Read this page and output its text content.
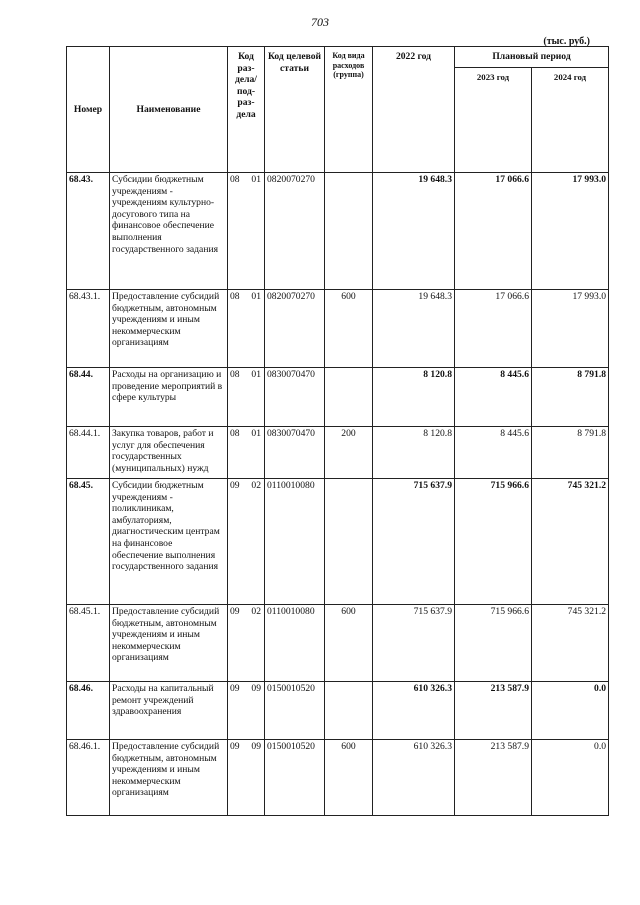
703
(тыс. руб.)
Номер	Наименование	Код раз- дела/ под- раз- дела	Код целевой статьи	Код вида расходов (группа)	2022 год	Плановый период	
						2023 год	2024 год
68.43.	Субсидии бюджетным учреждениям - учреждениям культурно-досугового типа на финансовое обеспечение выполнения государственного задания	08 01	0820070270		19 648.3	17 066.6	17 993.0
68.43.1.	Предоставление субсидий бюджетным, автономным учреждениям и иным некоммерческим организациям	08 01	0820070270	600	19 648.3	17 066.6	17 993.0
68.44.	Расходы на организацию и проведение мероприятий в сфере культуры	08 01	0830070470		8 120.8	8 445.6	8 791.8
68.44.1.	Закупка товаров, работ и услуг для обеспечения государственных (муниципальных) нужд	08 01	0830070470	200	8 120.8	8 445.6	8 791.8
68.45.	Субсидии бюджетным учреждениям - поликлиникам, амбулаториям, диагностическим центрам на финансовое обеспечение выполнения государственного задания	09 02	0110010080		715 637.9	715 966.6	745 321.2
68.45.1.	Предоставление субсидий бюджетным, автономным учреждениям и иным некоммерческим организациям	09 02	0110010080	600	715 637.9	715 966.6	745 321.2
68.46.	Расходы на капитальный ремонт учреждений здравоохранения	09 09	0150010520		610 326.3	213 587.9	0.0
68.46.1.	Предоставление субсидий бюджетным, автономным учреждениям и иным некоммерческим организациям	09 09	0150010520	600	610 326.3	213 587.9	0.0
